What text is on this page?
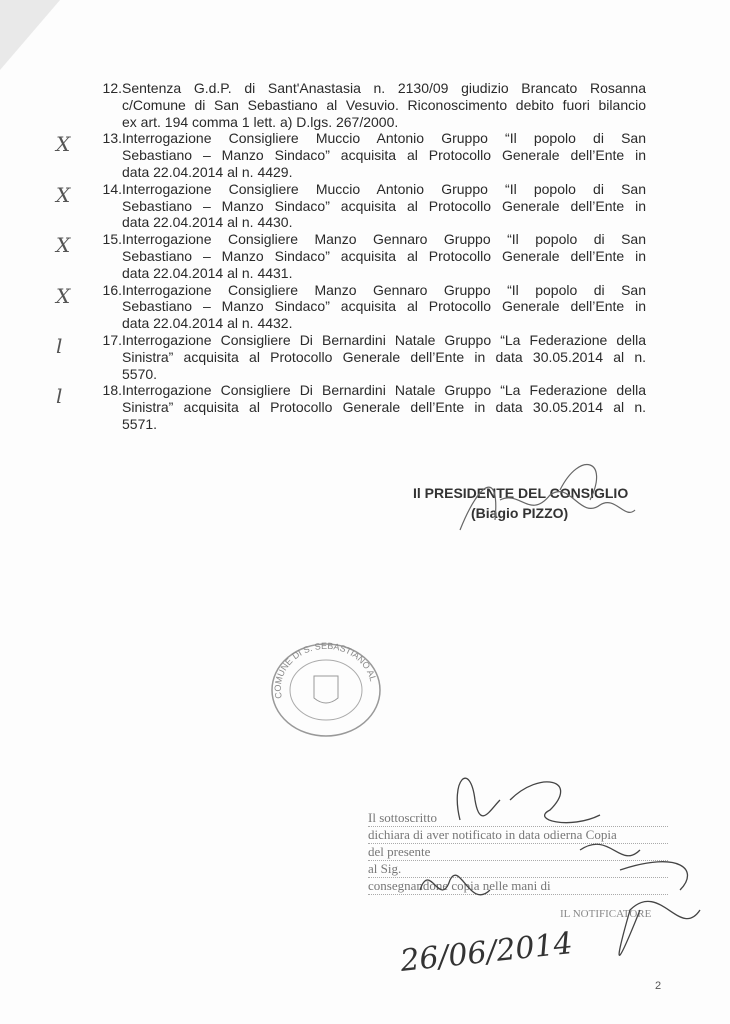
12. Sentenza G.d.P. di Sant'Anastasia n. 2130/09 giudizio Brancato Rosanna
c/Comune di San Sebastiano al Vesuvio. Riconoscimento debito fuori bilancio
ex art. 194 comma 1 lett. a) D.lgs. 267/2000.
13.
X	Interrogazione Consigliere Muccio Antonio Gruppo “Il popolo di San
Sebastiano – Manzo Sindaco” acquisita al Protocollo Generale dell’Ente in
data 22.04.2014 al n. 4429.
14.
X	Interrogazione Consigliere Muccio Antonio Gruppo “Il popolo di San
Sebastiano – Manzo Sindaco” acquisita al Protocollo Generale dell’Ente in
data 22.04.2014 al n. 4430.
15.
X	Interrogazione Consigliere Manzo Gennaro Gruppo “Il popolo di San
Sebastiano – Manzo Sindaco” acquisita al Protocollo Generale dell’Ente in
data 22.04.2014 al n. 4431.
16.
X	Interrogazione Consigliere Manzo Gennaro Gruppo “Il popolo di San
Sebastiano – Manzo Sindaco” acquisita al Protocollo Generale dell’Ente in
data 22.04.2014 al n. 4432.
17.
l	Interrogazione Consigliere Di Bernardini Natale Gruppo “La Federazione della
Sinistra” acquisita al Protocollo Generale dell’Ente in data 30.05.2014 al n.
5570.
18.
l	Interrogazione Consigliere Di Bernardini Natale Gruppo “La Federazione della
Sinistra” acquisita al Protocollo Generale dell’Ente in data 30.05.2014 al n.
5571.
Il PRESIDENTE DEL CONSIGLIO
(Biagio PIZZO)
COMUNE DI S. SEBASTIANO AL VESUVIO
Il sottoscritto
dichiara di aver notificato in data odierna Copia
del presente
al Sig.
consegnandone copia nelle mani di
IL NOTIFICATORE
26/06/2014
2
